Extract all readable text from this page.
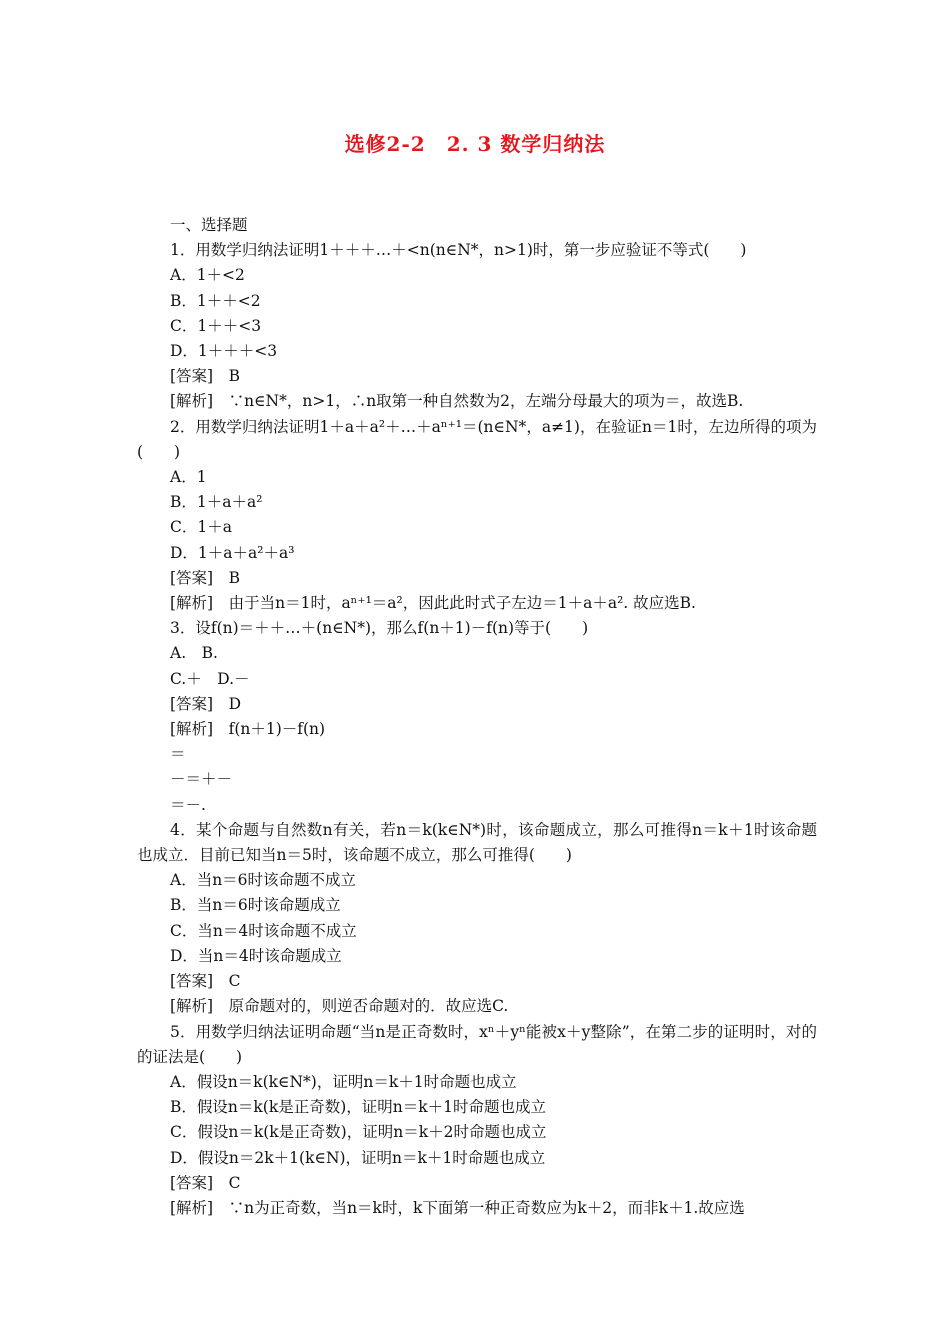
选修2-2　2. 3 数学归纳法
一、选择题
1．用数学归纳法证明1＋＋＋…＋<n(n∈N*，n>1)时，第一步应验证不等式(　　)
A．1＋<2
B．1＋＋<2
C．1＋＋<3
D．1＋＋＋<3
[答案]　B
[解析]　∵n∈N*，n>1，∴n取第一种自然数为2，左端分母最大的项为＝，故选B.
2．用数学归纳法证明1＋a＋a²＋…＋aⁿ⁺¹＝(n∈N*，a≠1)，在验证n＝1时，左边所得的项为(　　)
A．1
B．1＋a＋a²
C．1＋a
D．1＋a＋a²＋a³
[答案]　B
[解析]　由于当n＝1时，aⁿ⁺¹＝a²，因此此时式子左边＝1＋a＋a². 故应选B.
3．设f(n)＝＋＋…＋(n∈N*)，那么f(n＋1)－f(n)等于(　　)
A.　B.
C.＋　D.－
[答案]　D
[解析]　f(n＋1)－f(n)
＝
－＝＋－
＝－.
4．某个命题与自然数n有关，若n＝k(k∈N*)时，该命题成立，那么可推得n＝k＋1时该命题也成立．目前已知当n＝5时，该命题不成立，那么可推得(　　)
A．当n＝6时该命题不成立
B．当n＝6时该命题成立
C．当n＝4时该命题不成立
D．当n＝4时该命题成立
[答案]　C
[解析]　原命题对的，则逆否命题对的．故应选C.
5．用数学归纳法证明命题“当n是正奇数时，xⁿ＋yⁿ能被x＋y整除”，在第二步的证明时，对的的证法是(　　)
A．假设n＝k(k∈N*)，证明n＝k＋1时命题也成立
B．假设n＝k(k是正奇数)，证明n＝k＋1时命题也成立
C．假设n＝k(k是正奇数)，证明n＝k＋2时命题也成立
D．假设n＝2k＋1(k∈N)，证明n＝k＋1时命题也成立
[答案]　C
[解析]　∵n为正奇数，当n＝k时，k下面第一种正奇数应为k＋2，而非k＋1.故应选
